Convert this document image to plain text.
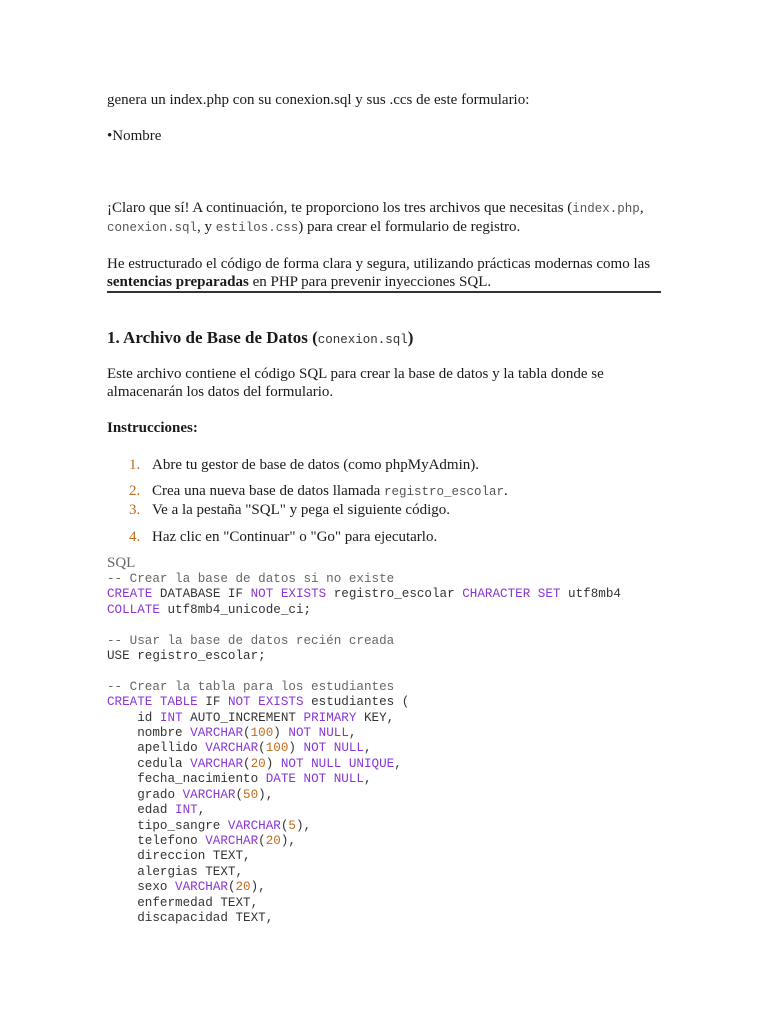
genera un index.php con su conexion.sql y sus .ccs de este formulario:

•Nombre

¡Claro que sí! A continuación, te proporciono los tres archivos que necesitas (index.php,
conexion.sql, y estilos.css) para crear el formulario de registro.

He estructurado el código de forma clara y segura, utilizando prácticas modernas como las sentencias preparadas en PHP para prevenir inyecciones SQL.

1. Archivo de Base de Datos (conexion.sql)

Este archivo contiene el código SQL para crear la base de datos y la tabla donde se almacenarán los datos del formulario.

Instrucciones:

1. Abre tu gestor de base de datos (como phpMyAdmin).
2. Crea una nueva base de datos llamada registro_escolar.
3. Ve a la pestaña "SQL" y pega el siguiente código.
4. Haz clic en "Continuar" o "Go" para ejecutarlo.
SQL
-- Crear la base de datos si no existe
CREATE DATABASE IF NOT EXISTS registro_escolar CHARACTER SET utf8mb4
COLLATE utf8mb4_unicode_ci;

-- Usar la base de datos recién creada
USE registro_escolar;

-- Crear la tabla para los estudiantes
CREATE TABLE IF NOT EXISTS estudiantes (
id INT AUTO_INCREMENT PRIMARY KEY,
nombre VARCHAR(100) NOT NULL,
apellido VARCHAR(100) NOT NULL,
cedula VARCHAR(20) NOT NULL UNIQUE,
fecha_nacimiento DATE NOT NULL,
grado VARCHAR(50),
edad INT,
tipo_sangre VARCHAR(5),
telefono VARCHAR(20),
direccion TEXT,
alergias TEXT,
sexo VARCHAR(20),
enfermedad TEXT,
discapacidad TEXT,
